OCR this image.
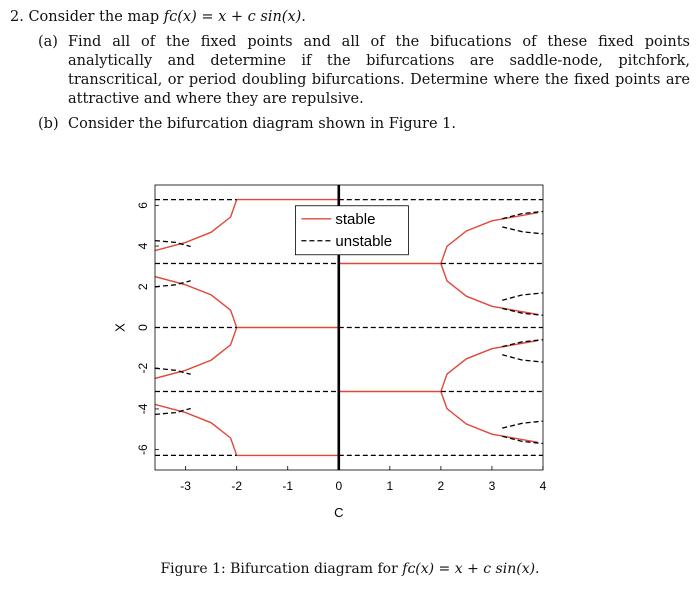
2. Consider the map fᴄ(x) = x + c sin(x).
(a) Find all of the fixed points and all of the bifucations of these fixed points analytically and determine if the bifurcations are saddle-node, pitchfork, transcritical, or period doubling bifurcations. Determine where the fixed points are attractive and where they are repulsive.
(b) Consider the bifurcation diagram shown in Figure 1.
-3	-2	-1	0	1	2	3	4
-6
-4
-2
0
2
4
6
C
X
stable
unstable
Figure 1: Bifurcation diagram for fᴄ(x) = x + c sin(x).
